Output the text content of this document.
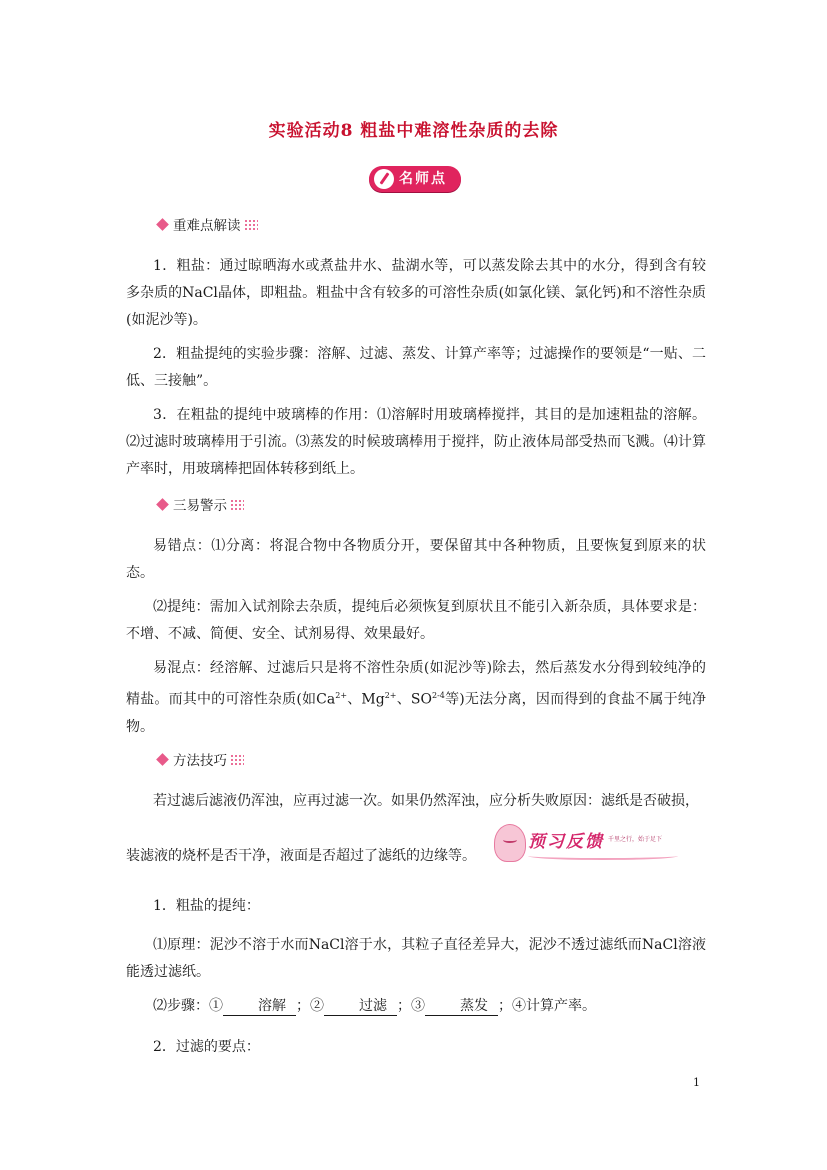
实验活动8 粗盐中难溶性杂质的去除
名师点拨
重难点解读
1．粗盐：通过晾晒海水或煮盐井水、盐湖水等，可以蒸发除去其中的水分，得到含有较多杂质的NaCl晶体，即粗盐。粗盐中含有较多的可溶性杂质(如氯化镁、氯化钙)和不溶性杂质(如泥沙等)。
2．粗盐提纯的实验步骤：溶解、过滤、蒸发、计算产率等；过滤操作的要领是“一贴、二低、三接触”。
3．在粗盐的提纯中玻璃棒的作用：⑴溶解时用玻璃棒搅拌，其目的是加速粗盐的溶解。⑵过滤时玻璃棒用于引流。⑶蒸发的时候玻璃棒用于搅拌，防止液体局部受热而飞溅。⑷计算产率时，用玻璃棒把固体转移到纸上。
三易警示
易错点：⑴分离：将混合物中各物质分开，要保留其中各种物质，且要恢复到原来的状态。
⑵提纯：需加入试剂除去杂质，提纯后必须恢复到原状且不能引入新杂质，具体要求是：不增、不减、简便、安全、试剂易得、效果最好。
易混点：经溶解、过滤后只是将不溶性杂质(如泥沙等)除去，然后蒸发水分得到较纯净的精盐。而其中的可溶性杂质(如$Ca^{2+}$、$Mg^{2+}$、SO$^{2-4}$等)无法分离，因而得到的食盐不属于纯净物。
方法技巧
若过滤后滤液仍浑浊，应再过滤一次。如果仍然浑浊，应分析失败原因：滤纸是否破损，
预习反馈 千里之行，始于足下
装滤液的烧杯是否干净，液面是否超过了滤纸的边缘等。
1．粗盐的提纯：
⑴原理：泥沙不溶于水而NaCl溶于水，其粒子直径差异大，泥沙不透过滤纸而NaCl溶液能透过滤纸。
⑵步骤：①	溶解 ；②	过滤 ；③	蒸发 ；④计算产率。
2．过滤的要点：
1
